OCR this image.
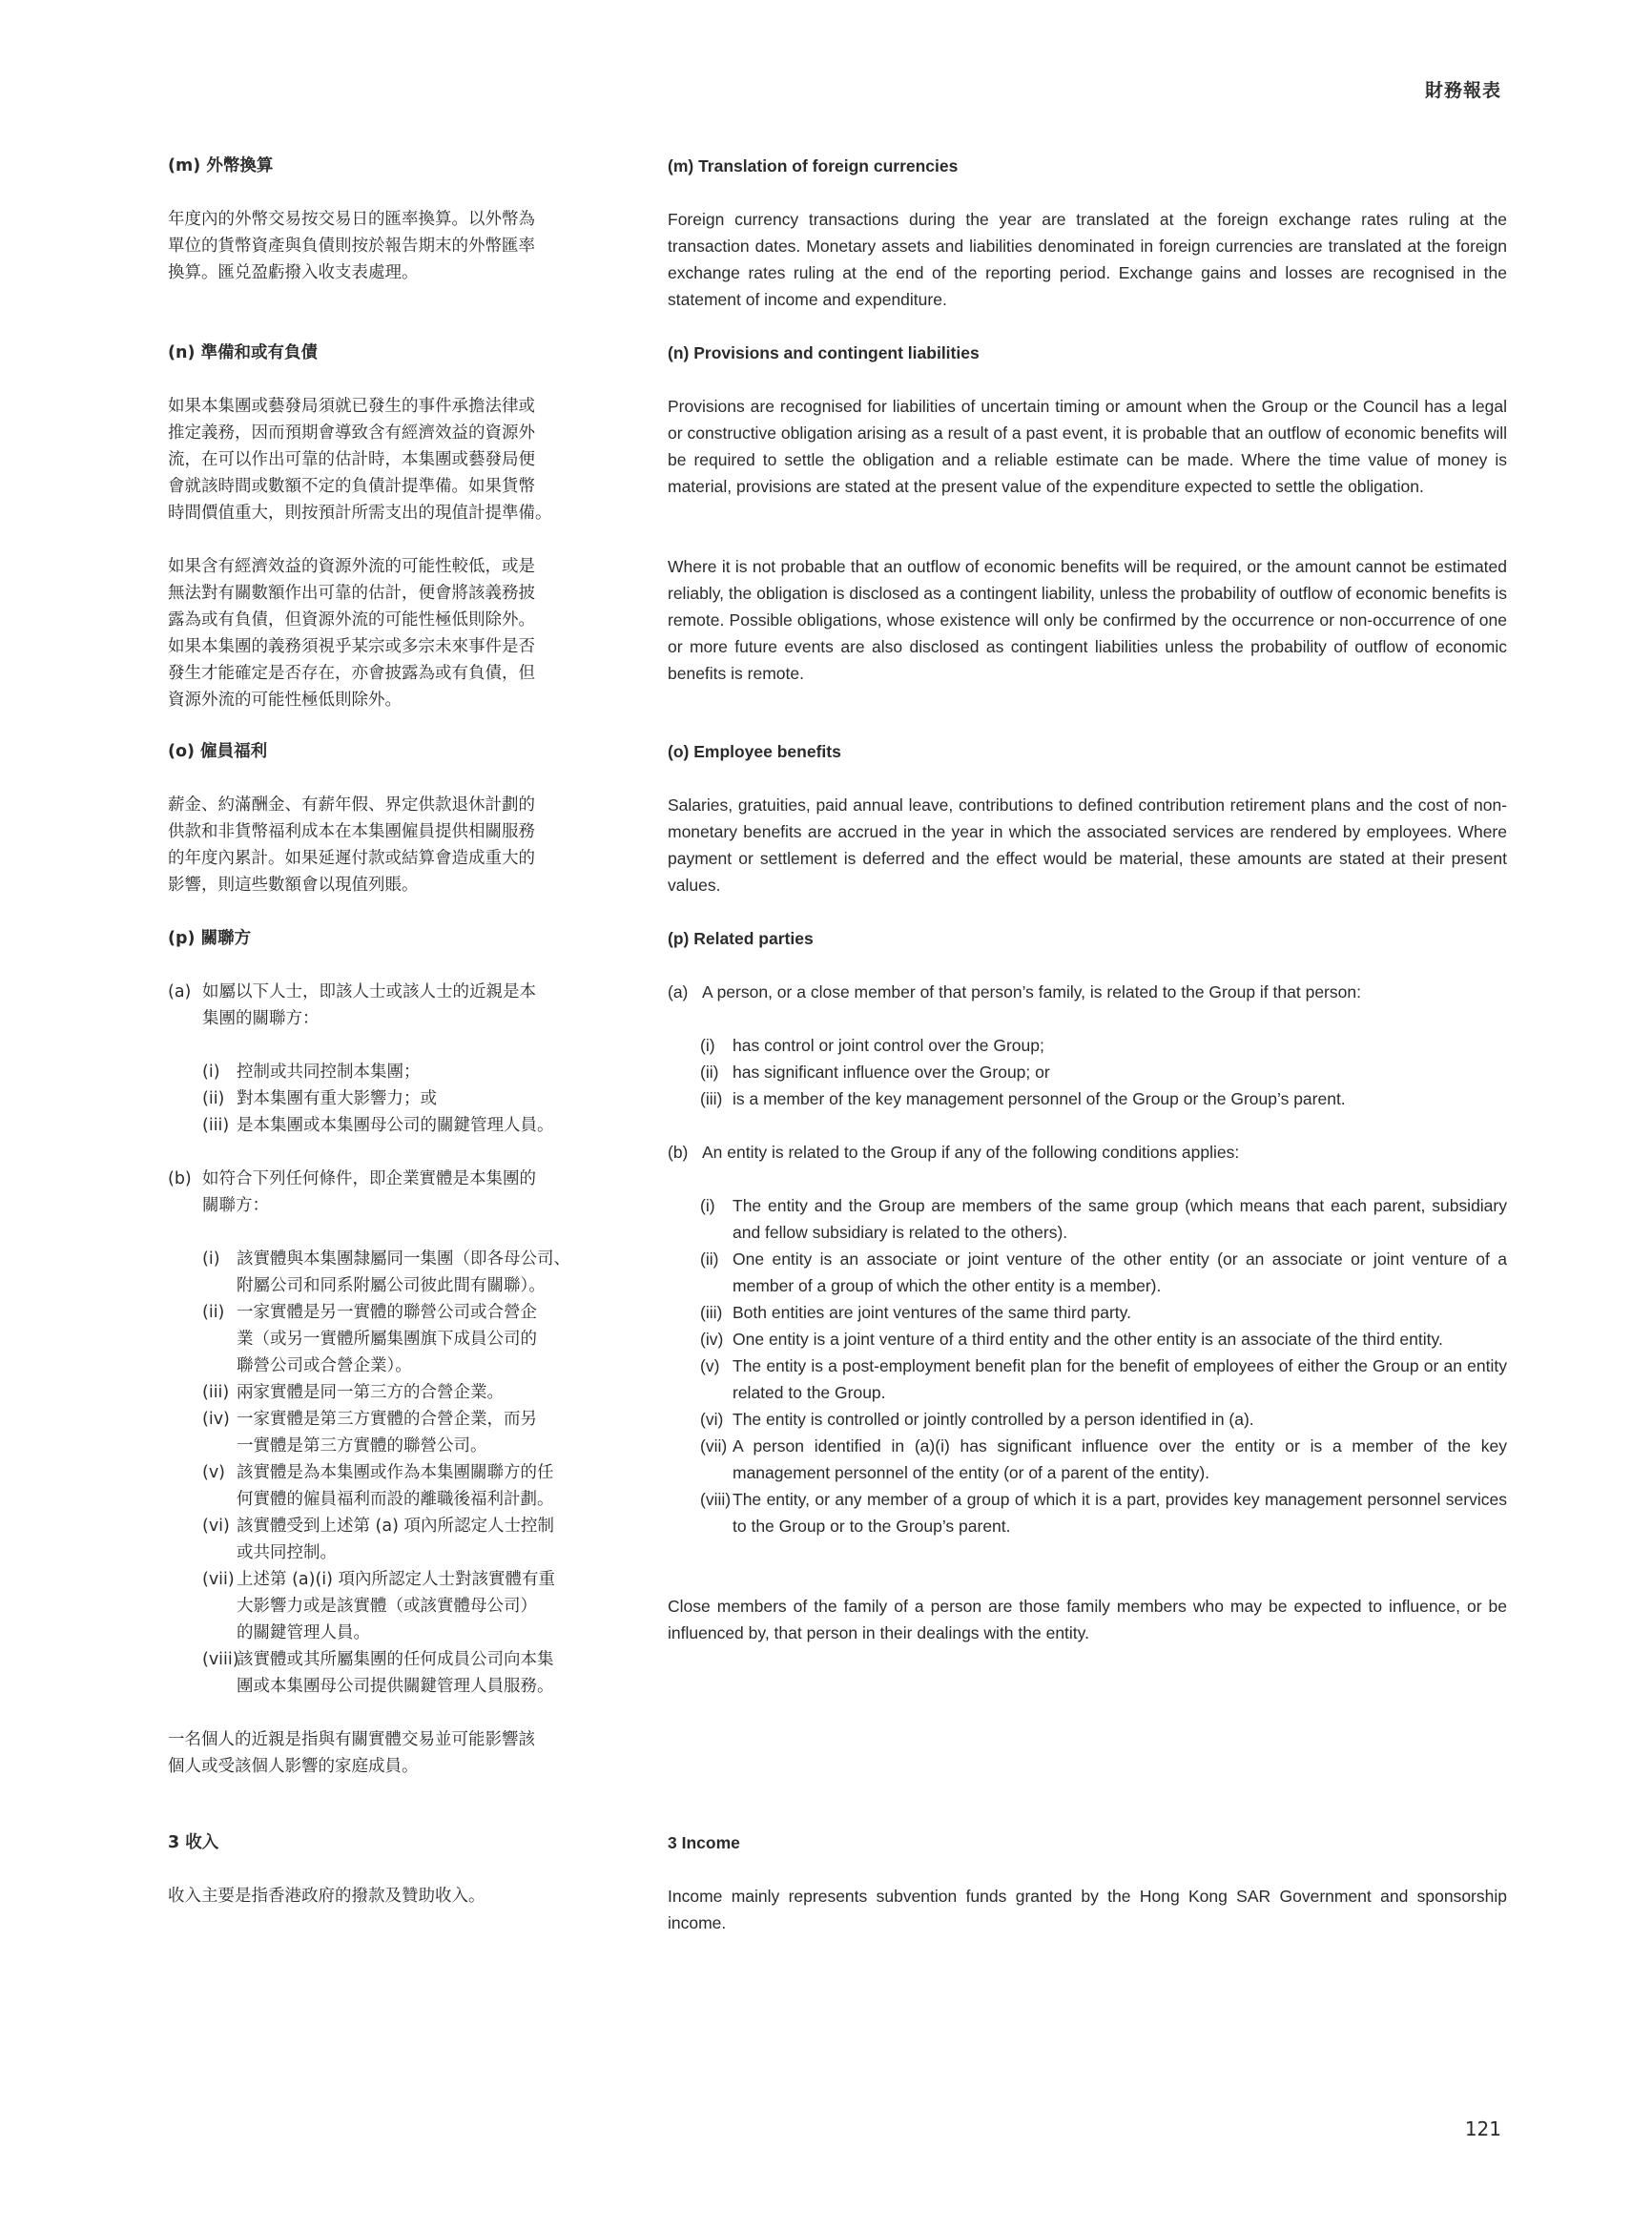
財務報表
(m) 外幣換算
年度內的外幣交易按交易日的匯率換算。以外幣為
單位的貨幣資產與負債則按於報告期末的外幣匯率
換算。匯兑盈虧撥入收支表處理。
(m) Translation of foreign currencies
Foreign currency transactions during the year are translated at the foreign exchange rates ruling at the transaction dates. Monetary assets and liabilities denominated in foreign currencies are translated at the foreign exchange rates ruling at the end of the reporting period. Exchange gains and losses are recognised in the statement of income and expenditure.
(n) 準備和或有負債
如果本集團或藝發局須就已發生的事件承擔法律或
推定義務，因而預期會導致含有經濟效益的資源外
流，在可以作出可靠的估計時，本集團或藝發局便
會就該時間或數額不定的負債計提準備。如果貨幣
時間價值重大，則按預計所需支出的現值計提準備。
如果含有經濟效益的資源外流的可能性較低，或是
無法對有關數額作出可靠的估計，便會將該義務披
露為或有負債，但資源外流的可能性極低則除外。
如果本集團的義務須視乎某宗或多宗未來事件是否
發生才能確定是否存在，亦會披露為或有負債，但
資源外流的可能性極低則除外。
(n) Provisions and contingent liabilities
Provisions are recognised for liabilities of uncertain timing or amount when the Group or the Council has a legal or constructive obligation arising as a result of a past event, it is probable that an outflow of economic benefits will be required to settle the obligation and a reliable estimate can be made. Where the time value of money is material, provisions are stated at the present value of the expenditure expected to settle the obligation.
Where it is not probable that an outflow of economic benefits will be required, or the amount cannot be estimated reliably, the obligation is disclosed as a contingent liability, unless the probability of outflow of economic benefits is remote. Possible obligations, whose existence will only be confirmed by the occurrence or non-occurrence of one or more future events are also disclosed as contingent liabilities unless the probability of outflow of economic benefits is remote.
(o) 僱員福利
薪金、約滿酬金、有薪年假、界定供款退休計劃的
供款和非貨幣福利成本在本集團僱員提供相關服務
的年度內累計。如果延遲付款或結算會造成重大的
影響，則這些數額會以現值列賬。
(o) Employee benefits
Salaries, gratuities, paid annual leave, contributions to defined contribution retirement plans and the cost of non-monetary benefits are accrued in the year in which the associated services are rendered by employees. Where payment or settlement is deferred and the effect would be material, these amounts are stated at their present values.
(p) 關聯方
(a) 如屬以下人士，即該人士或該人士的近親是本
集團的關聯方：
(i) 控制或共同控制本集團；
(ii) 對本集團有重大影響力；或
(iii) 是本集團或本集團母公司的關鍵管理人員。
(b) 如符合下列任何條件，即企業實體是本集團的
關聯方：
(i) 該實體與本集團隸屬同一集團（即各母公司、
附屬公司和同系附屬公司彼此間有關聯）。
(ii) 一家實體是另一實體的聯營公司或合營企
業（或另一實體所屬集團旗下成員公司的
聯營公司或合營企業）。
(iii) 兩家實體是同一第三方的合營企業。
(iv) 一家實體是第三方實體的合營企業，而另
一實體是第三方實體的聯營公司。
(v) 該實體是為本集團或作為本集團關聯方的任
何實體的僱員福利而設的離職後福利計劃。
(vi) 該實體受到上述第 (a) 項內所認定人士控制
或共同控制。
(vii) 上述第 (a)(i) 項內所認定人士對該實體有重
大影響力或是該實體（或該實體母公司）
的關鍵管理人員。
(viii)
該實體或其所屬集團的任何成員公司向本集
團或本集團母公司提供關鍵管理人員服務。
一名個人的近親是指與有關實體交易並可能影響該
個人或受該個人影響的家庭成員。
(p) Related parties
(a) A person, or a close member of that person’s family, is related to the Group if that person:
(i) has control or joint control over the Group;
(ii) has significant influence over the Group; or
(iii) is a member of the key management personnel of the Group or the Group’s parent.
(b) An entity is related to the Group if any of the following conditions applies:
(i) The entity and the Group are members of the same group (which means that each parent, subsidiary and fellow subsidiary is related to the others).
(ii) One entity is an associate or joint venture of the other entity (or an associate or joint venture of a member of a group of which the other entity is a member).
(iii) Both entities are joint ventures of the same third party.
(iv) One entity is a joint venture of a third entity and the other entity is an associate of the third entity.
(v) The entity is a post-employment benefit plan for the benefit of employees of either the Group or an entity related to the Group.
(vi) The entity is controlled or jointly controlled by a person identified in (a).
(vii) A person identified in (a)(i) has significant influence over the entity or is a member of the key management personnel of the entity (or of a parent of the entity).
(viii) The entity, or any member of a group of which it is a part, provides key management personnel services to the Group or to the Group’s parent.
Close members of the family of a person are those family members who may be expected to influence, or be influenced by, that person in their dealings with the entity.
3 收入
收入主要是指香港政府的撥款及贊助收入。
3 Income
Income mainly represents subvention funds granted by the Hong Kong SAR Government and sponsorship income.
121
